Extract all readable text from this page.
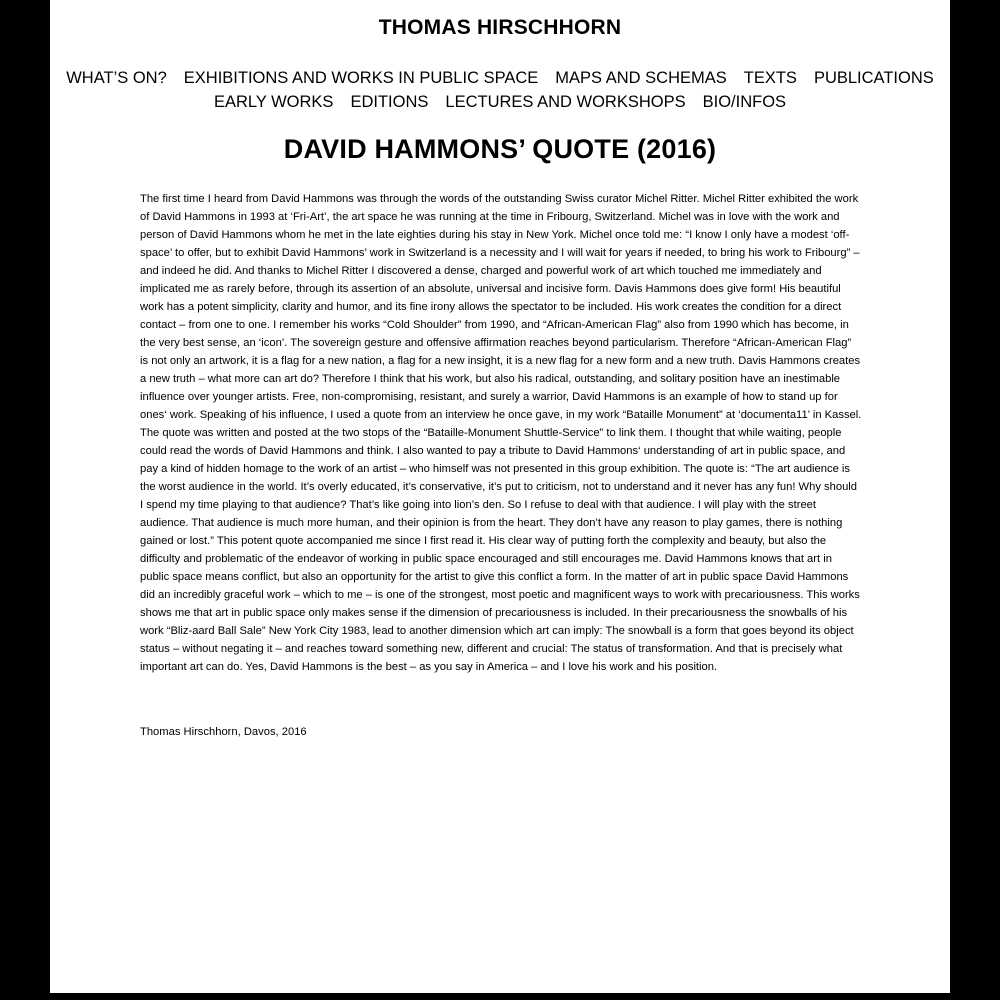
THOMAS HIRSCHHORN
WHAT’S ON? EXHIBITIONS AND WORKS IN PUBLIC SPACE MAPS AND SCHEMAS TEXTS PUBLICATIONS
EARLY WORKS EDITIONS LECTURES AND WORKSHOPS BIO/INFOS
DAVID HAMMONS’ QUOTE (2016)

The first time I heard from David Hammons was through the words of the outstanding Swiss curator Michel Ritter. Michel Ritter exhibited the work of David Hammons in 1993 at ‘Fri-Art’, the art space he was running at the time in Fribourg, Switzerland. Michel was in love with the work and person of David Hammons whom he met in the late eighties during his stay in New York. Michel once told me: “I know I only have a modest ‘off-space’ to offer, but to exhibit David Hammons’ work in Switzerland is a necessity and I will wait for years if needed, to bring his work to Fribourg” – and indeed he did. And thanks to Michel Ritter I discovered a dense, charged and powerful work of art which touched me immediately and implicated me as rarely before, through its assertion of an absolute, universal and incisive form. Davis Hammons does give form! His beautiful work has a potent simplicity, clarity and humor, and its fine irony allows the spectator to be included. His work creates the condition for a direct contact – from one to one. I remember his works “Cold Shoulder” from 1990, and “African-American Flag” also from 1990 which has become, in the very best sense, an ‘icon’. The sovereign gesture and offensive affirmation reaches beyond particularism. Therefore “African-American Flag” is not only an artwork, it is a flag for a new nation, a flag for a new insight, it is a new flag for a new form and a new truth. Davis Hammons creates a new truth – what more can art do? Therefore I think that his work, but also his radical, outstanding, and solitary position have an inestimable influence over younger artists. Free, non-compromising, resistant, and surely a warrior, David Hammons is an example of how to stand up for ones‘ work. Speaking of his influence, I used a quote from an interview he once gave, in my work “Bataille Monument” at ‘documenta11’ in Kassel. The quote was written and posted at the two stops of the “Bataille-Monument Shuttle-Service” to link them. I thought that while waiting, people could read the words of David Hammons and think. I also wanted to pay a tribute to David Hammons‘ understanding of art in public space, and pay a kind of hidden homage to the work of an artist – who himself was not presented in this group exhibition. The quote is: “The art audience is the worst audience in the world. It’s overly educated, it’s conservative, it’s put to criticism, not to understand and it never has any fun! Why should I spend my time playing to that audience? That’s like going into lion’s den. So I refuse to deal with that audience. I will play with the street audience. That audience is much more human, and their opinion is from the heart. They don’t have any reason to play games, there is nothing gained or lost.” This potent quote accompanied me since I first read it. His clear way of putting forth the complexity and beauty, but also the difficulty and problematic of the endeavor of working in public space encouraged and still encourages me. David Hammons knows that art in public space means conflict, but also an opportunity for the artist to give this conflict a form. In the matter of art in public space David Hammons did an incredibly graceful work – which to me – is one of the strongest, most poetic and magnificent ways to work with precariousness. This works shows me that art in public space only makes sense if the dimension of precariousness is included. In their precariousness the snowballs of his work “Bliz-aard Ball Sale” New York City 1983, lead to another dimension which art can imply: The snowball is a form that goes beyond its object status – without negating it – and reaches toward something new, different and crucial: The status of transformation. And that is precisely what important art can do. Yes, David Hammons is the best – as you say in America – and I love his work and his position.

Thomas Hirschhorn, Davos, 2016
